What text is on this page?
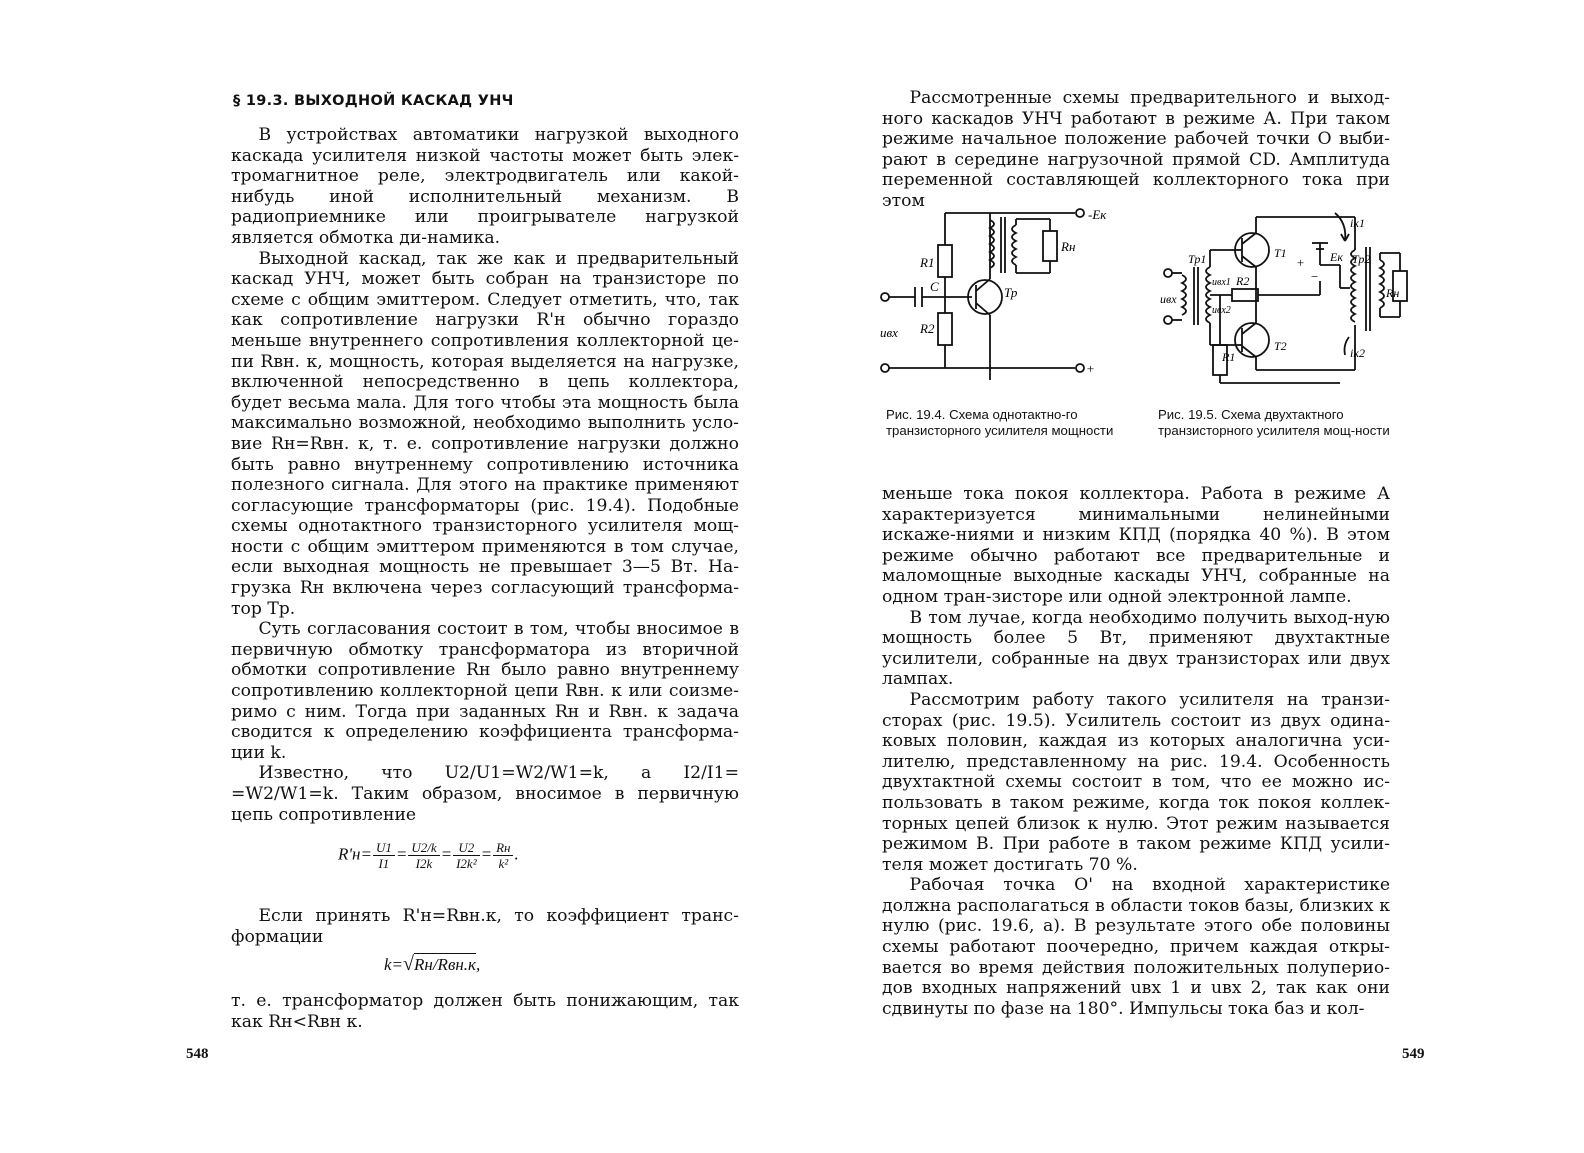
§ 19.3. ВЫХОДНОЙ КАСКАД УНЧ

В устройствах автоматики нагрузкой выходного каскада усилителя низкой частоты может быть элек-тромагнитное реле, электродвигатель или какой-нибудь иной исполнительный механизм. В радиоприемнике или проигрывателе нагрузкой является обмотка ди-намика.

Выходной каскад, так же как и предварительный каскад УНЧ, может быть собран на транзисторе по схеме с общим эмиттером. Следует отметить, что, так как сопротивление нагрузки R'н обычно гораздо меньше внутреннего сопротивления коллекторной це-пи Rвн. к, мощность, которая выделяется на нагрузке, включенной непосредственно в цепь коллектора, будет весьма мала. Для того чтобы эта мощность была максимально возможной, необходимо выполнить усло-вие Rн=Rвн. к, т. е. сопротивление нагрузки должно быть равно внутреннему сопротивлению источника полезного сигнала. Для этого на практике применяют согласующие трансформаторы (рис. 19.4). Подобные схемы однотактного транзисторного усилителя мощ-ности с общим эмиттером применяются в том случае, если выходная мощность не превышает 3—5 Вт. На-грузка Rн включена через согласующий трансформа-тор Тр.

Суть согласования состоит в том, чтобы вносимое в первичную обмотку трансформатора из вторичной обмотки сопротивление Rн было равно внутреннему сопротивлению коллекторной цепи Rвн. к или соизме-римо с ним. Тогда при заданных Rн и Rвн. к задача сводится к определению коэффициента трансформа-ции k.

Известно, что U2/U1=W2/W1=k, а I2/I1= =W2/W1=k. Таким образом, вносимое в первичную цепь сопротивление

$R'н= \frac{U1}{I1} = \frac{U2/k}{I2k} = \frac{U2}{\text{I2k²}} = \frac{Rн}{\text{k²}}$ .

Если принять R'н=Rвн.к, то коэффициент транс-формации

k=√Rн/Rвн.к,

т. е. трансформатор должен быть понижающим, так как Rн<Rвн к.

548

Рассмотренные схемы предварительного и выход-ного каскадов УНЧ работают в режиме А. При таком режиме начальное положение рабочей точки O выби-рают в середине нагрузочной прямой CD. Амплитуда переменной составляющей коллекторного тока при этом

-Eк
R1
R2
C
Rн
Тр
uвх
+
Тр1	Тр2
Т1
Т2
uвх
uвх1
uвх2
R1
R2
Eк
+
−
Rн
iк1
iк2
Рис. 19.4. Схема однотактно-го транзисторного усилителя мощности
Рис. 19.5. Схема двухтактного транзисторного усилителя мощ-ности

меньше тока покоя коллектора. Работа в режиме А характеризуется минимальными нелинейными искаже-ниями и низким КПД (порядка 40 %). В этом режиме обычно работают все предварительные и маломощные выходные каскады УНЧ, собранные на одном тран-зисторе или одной электронной лампе.

В том лучае, когда необходимо получить выход-ную мощность более 5 Вт, применяют двухтактные усилители, собранные на двух транзисторах или двух лампах.

Рассмотрим работу такого усилителя на транзи-сторах (рис. 19.5). Усилитель состоит из двух одина-ковых половин, каждая из которых аналогична уси-лителю, представленному на рис. 19.4. Особенность двухтактной схемы состоит в том, что ее можно ис-пользовать в таком режиме, когда ток покоя коллек-торных цепей близок к нулю. Этот режим называется режимом B. При работе в таком режиме КПД усили-теля может достигать 70 %.

Рабочая точка O' на входной характеристике должна располагаться в области токов базы, близких к нулю (рис. 19.6, a). В результате этого обе половины схемы работают поочередно, причем каждая откры-вается во время действия положительных полуперио-дов входных напряжений uвх 1 и uвх 2, так как они сдвинуты по фазе на 180°. Импульсы тока баз и кол-

549
